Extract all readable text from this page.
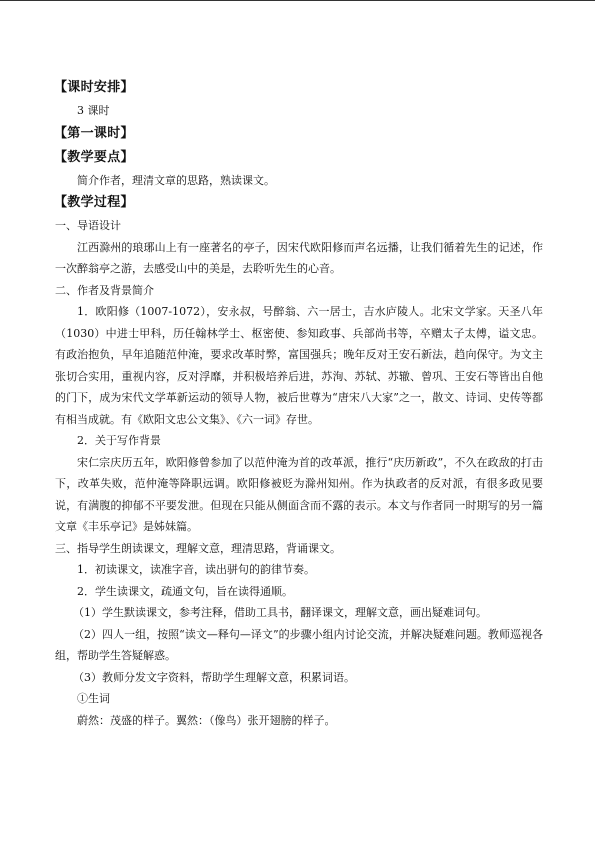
【课时安排】
3 课时
【第一课时】
【教学要点】
简介作者，理清文章的思路，熟读课文。
【教学过程】
一、导语设计
江西滁州的琅琊山上有一座著名的亭子，因宋代欧阳修而声名远播，让我们循着先生的记述，作一次醉翁亭之游，去感受山中的美是，去聆听先生的心音。
二、作者及背景简介
1．欧阳修（1007-1072），安永叔，号醉翁、六一居士，吉水庐陵人。北宋文学家。天圣八年（1030）中进士甲科，历任翰林学士、枢密使、参知政事、兵部尚书等，卒赠太子太傅，谥文忠。有政治抱负，早年追随范仲淹，要求改革时弊，富国强兵；晚年反对王安石新法，趋向保守。为文主张切合实用，重视内容，反对浮靡，并积极培养后进，苏洵、苏轼、苏辙、曾巩、王安石等皆出自他的门下，成为宋代文学革新运动的领导人物，被后世尊为“唐宋八大家”之一，散文、诗词、史传等都有相当成就。有《欧阳文忠公文集》、《六一词》存世。
2．关于写作背景
宋仁宗庆历五年，欧阳修曾参加了以范仲淹为首的改革派，推行“庆历新政”，不久在政敌的打击下，改革失败，范仲淹等降职远调。欧阳修被贬为滁州知州。作为执政者的反对派，有很多政见要说，有满腹的抑郁不平要发泄。但现在只能从侧面含而不露的表示。本文与作者同一时期写的另一篇文章《丰乐亭记》是姊妹篇。
三、指导学生朗读课文，理解文意，理清思路，背诵课文。
1．初读课文，读准字音，读出骈句的韵律节奏。
2．学生读课文，疏通文句，旨在读得通顺。
（1）学生默读课文，参考注释，借助工具书，翻译课文，理解文意，画出疑难词句。
（2）四人一组，按照“读文—释句—译文”的步骤小组内讨论交流，并解决疑难问题。教师巡视各组，帮助学生答疑解惑。
（3）教师分发文字资料，帮助学生理解文意，积累词语。
①生词
蔚然：茂盛的样子。翼然：（像鸟）张开翅膀的样子。
